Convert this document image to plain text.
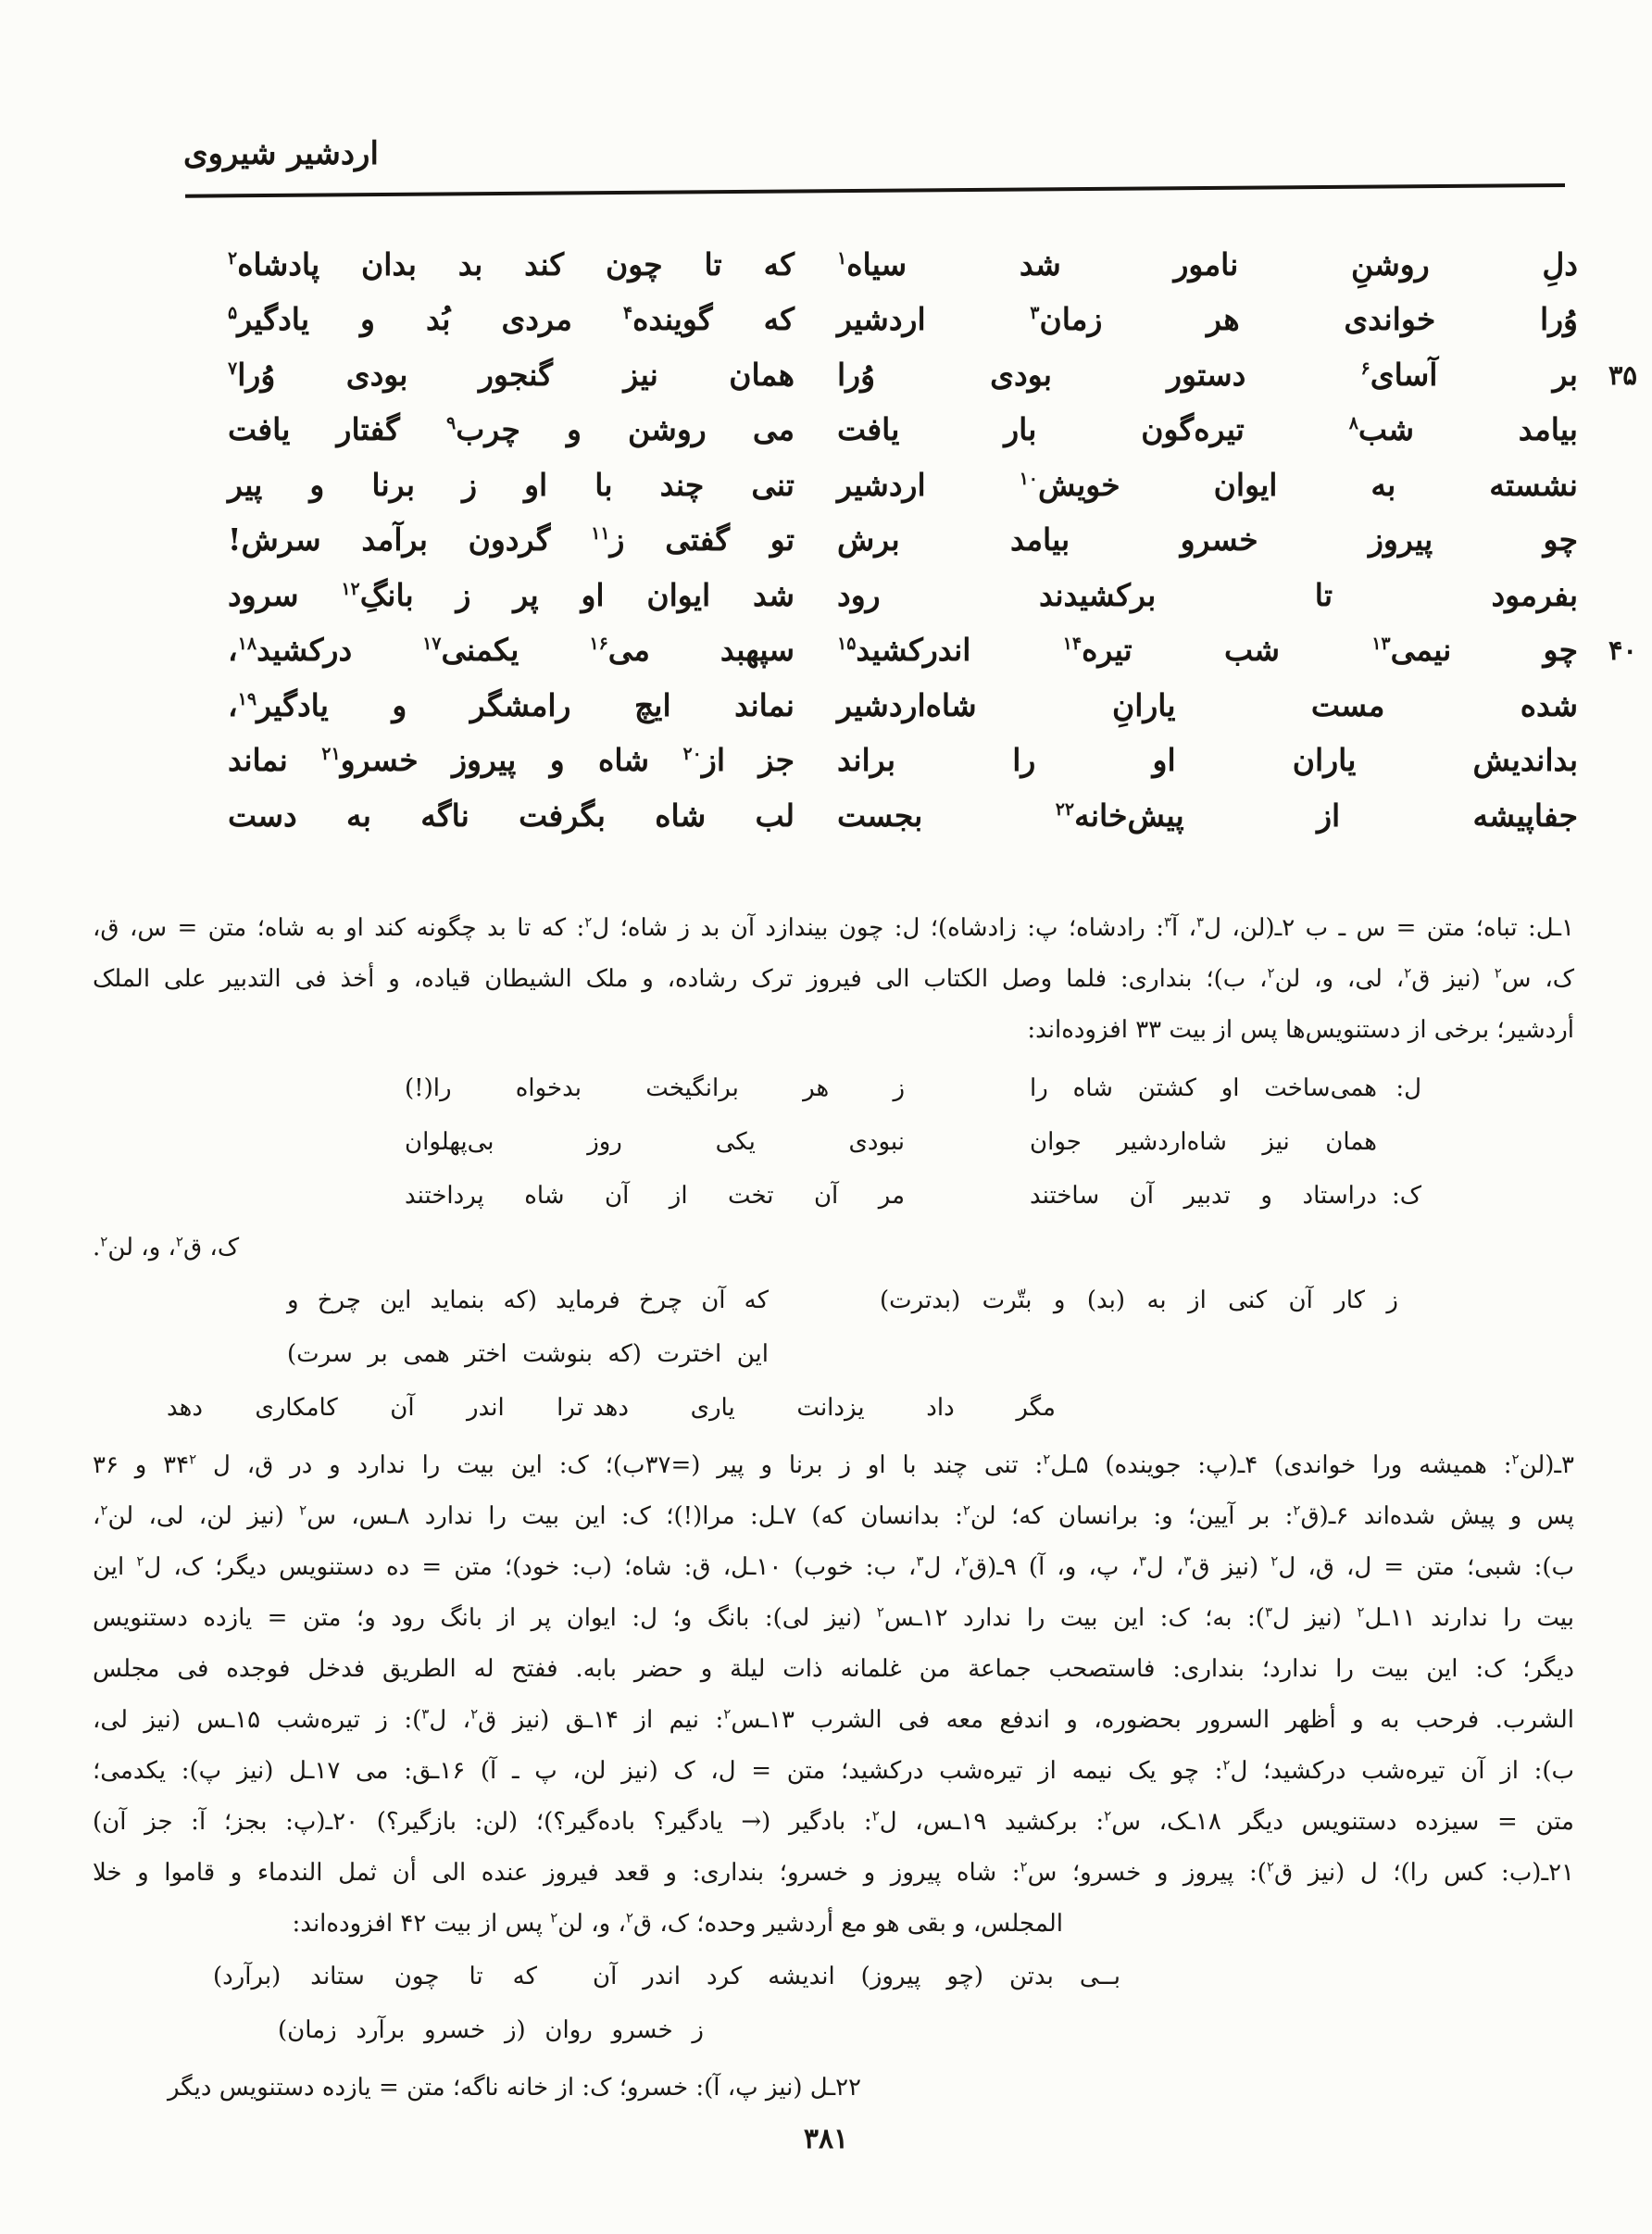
اردشیر شیروی
دلِ روشنِ نامور شد سیاه$^۱$
که تا چون کند بد بدان پادشاه$^۲$
وُرا خواندی هر زمان$^۳$ اردشیر
که گوینده$^۴$ مردی بُد و یادگیر$^۵$
۳۵
بر آسای$^۶$ دستور بودی وُرا
همان نیز گنجور بودی وُرا$^۷$
بیامد شب$^۸$ تیره‌گون بار یافت
می روشن و چرب$^۹$ گفتار یافت
نشسته به ایوان خویش$^{۱۰}$ اردشیر
تنی چند با او ز برنا و پیر
چو پیروز خسرو بیامد برش
تو گفتی ز$^{۱۱}$ گردون برآمد سرش!
بفرمود تا برکشیدند رود
شد ایوان او پر ز بانگِ$^{۱۲}$ سرود
۴۰
چو نیمی$^{۱۳}$ شب تیره$^{۱۴}$ اندرکشید$^{۱۵}$
سپهبد می$^{۱۶}$ یکمنی$^{۱۷}$ درکشید$^{۱۸}$،
شده مست یارانِ شاه‌اردشیر
نماند ایچ رامشگر و یادگیر$^{۱۹}$،
بداندیش یاران او را براند
جز از$^{۲۰}$ شاه و پیروز خسرو$^{۲۱}$ نماند
جفاپیشه از پیش‌خانه$^{۲۲}$ بجست
لب شاه بگرفت ناگه به دست
۱ـل: تباه؛ متن = س ـ ب ۲ـ(لن، ل$^۳$، آ$^۳$: رادشاه؛ پ: زادشاه)؛ ل: چون بیندازد آن بد ز شاه؛ ل$^۲$: که تا بد چگونه کند او به شاه؛ متن = س، ق،
ک، س$^۲$ (نیز ق$^۲$، لی، و، لن$^۲$، ب)؛ بنداری: فلما وصل الکتاب الی فیروز ترک رشاده، و ملک الشیطان قیاده، و أخذ فی التدبیر علی الملک
أردشیر؛ برخی از دستنویس‌ها پس از بیت ۳۳ افزوده‌اند:
ل:
همی‌ساخت او کشتن شاه را
ز هر برانگیخت بدخواه را(!)
همان نیز شاه‌اردشیر جوان
نبودی یکی روز بی‌پهلوان
ک:
دراستاد و تدبیر آن ساختند
مر آن تخت از آن شاه پرداختند
ک، ق$^۲$، و، لن$^۲$.
ز کار آن کنی از به (بد) و بتّرت (بدترت)
که آن چرخ فرماید (که بنماید این چرخ و
این اخترت (که بنوشت اختر همی بر سرت)
مگر داد یزدانت یاری دهد
ترا اندر آن کامکاری دهد
۳ـ(لن$^۲$: همیشه ورا خواندی) ۴ـ(پ: جوینده) ۵ـل$^۲$: تنی چند با او ز برنا و پیر (=۳۷ب)؛ ک: این بیت را ندارد و در ق، ل $۳۴^۲$ و ۳۶
پس و پیش شده‌اند ۶ـ(ق$^۲$: بر آیین؛ و: برانسان که؛ لن$^۲$: بدانسان که) ۷ـل: مرا(!)؛ ک: این بیت را ندارد ۸ـس، س$^۲$ (نیز لن، لی، لن$^۲$،
ب): شبی؛ متن = ل، ق، ل$^۲$ (نیز ق$^۳$، ل$^۳$، پ، و، آ) ۹ـ(ق$^۲$، ل$^۳$، ب: خوب) ۱۰ـل، ق: شاه؛ (ب: خود)؛ متن = ده دستنویس دیگر؛ ک، ل$^۲$ این
بیت را ندارند ۱۱ـل$^۲$ (نیز ل$^۳$): به؛ ک: این بیت را ندارد ۱۲ـس$^۲$ (نیز لی): بانگ و؛ ل: ایوان پر از بانگ رود و؛ متن = یازده دستنویس
دیگر؛ ک: این بیت را ندارد؛ بنداری: فاستصحب جماعة من غلمانه ذات لیلة و حضر بابه. ففتح له الطریق فدخل فوجده فی مجلس
الشرب. فرحب به و أظهر السرور بحضوره، و اندفع معه فی الشرب ۱۳ـس$^۲$: نیم از ۱۴ـق (نیز ق$^۲$، ل$^۳$): ز تیره‌شب ۱۵ـس (نیز لی،
ب): از آن تیره‌شب درکشید؛ ل$^۲$: چو یک نیمه از تیره‌شب درکشید؛ متن = ل، ک (نیز لن، پ ـ آ) ۱۶ـق: می ۱۷ـل (نیز پ): یکدمی؛
متن = سیزده دستنویس دیگر ۱۸ـک، س$^۲$: برکشید ۱۹ـس، ل$^۲$: بادگیر (→ یادگیر؟ باده‌گیر؟)؛ (لن: بازگیر؟) ۲۰ـ(پ: بجز؛ آ: جز آن)
۲۱ـ(ب: کس را)؛ ل (نیز ق$^۲$): پیروز و خسرو؛ س$^۲$: شاه پیروز و خسرو؛ بنداری: و قعد فیروز عنده الی أن ثمل الندماء و قاموا و خلا
المجلس، و بقی هو مع أردشیر وحده؛ ک، ق$^۲$، و، لن$^۲$ پس از بیت ۴۲ افزوده‌اند:
بــی بدتن (چو پیروز) اندیشه کرد اندر آن
که تا چون ستاند (برآرد)
ز خسرو روان (ز خسرو برآرد زمان)
۲۲ـل (نیز پ، آ): خسرو؛ ک: از خانه ناگه؛ متن = یازده دستنویس دیگر
۳۸۱
